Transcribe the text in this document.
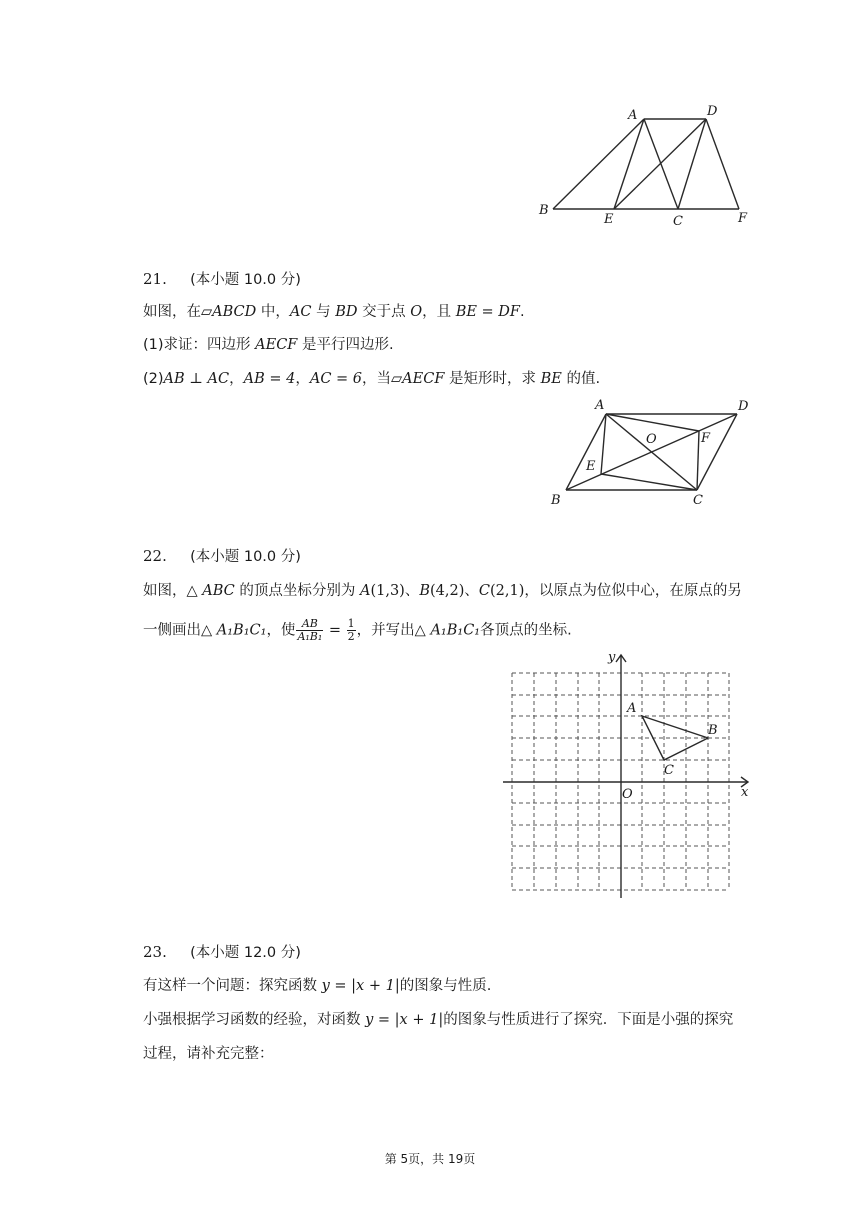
A	D
B
E	C	F
21. (本小题 10.0 分)
如图，在▱ABCD 中，AC 与 BD 交于点 O，且 BE = DF.
(1)求证：四边形 AECF 是平行四边形.
(2)AB ⊥ AC，AB = 4，AC = 6，当▱AECF 是矩形时，求 BE 的值.
A	D
O	F
E
B	C
22. (本小题 10.0 分)
如图，△ ABC 的顶点坐标分别为 A(1,3)、B(4,2)、C(2,1)，以原点为位似中心，在原点的另
一侧画出△ A₁B₁C₁，使 $\frac{AB}{\text{A₁B₁}} = \frac{1}{2}$ ，并写出△ A₁B₁C₁各顶点的坐标.
x
y
O
A
B
C
23. (本小题 12.0 分)
有这样一个问题：探究函数 y = |x + 1|的图象与性质.
小强根据学习函数的经验，对函数 y = |x + 1|的图象与性质进行了探究．下面是小强的探究
过程，请补充完整：
第 5页，共 19页
